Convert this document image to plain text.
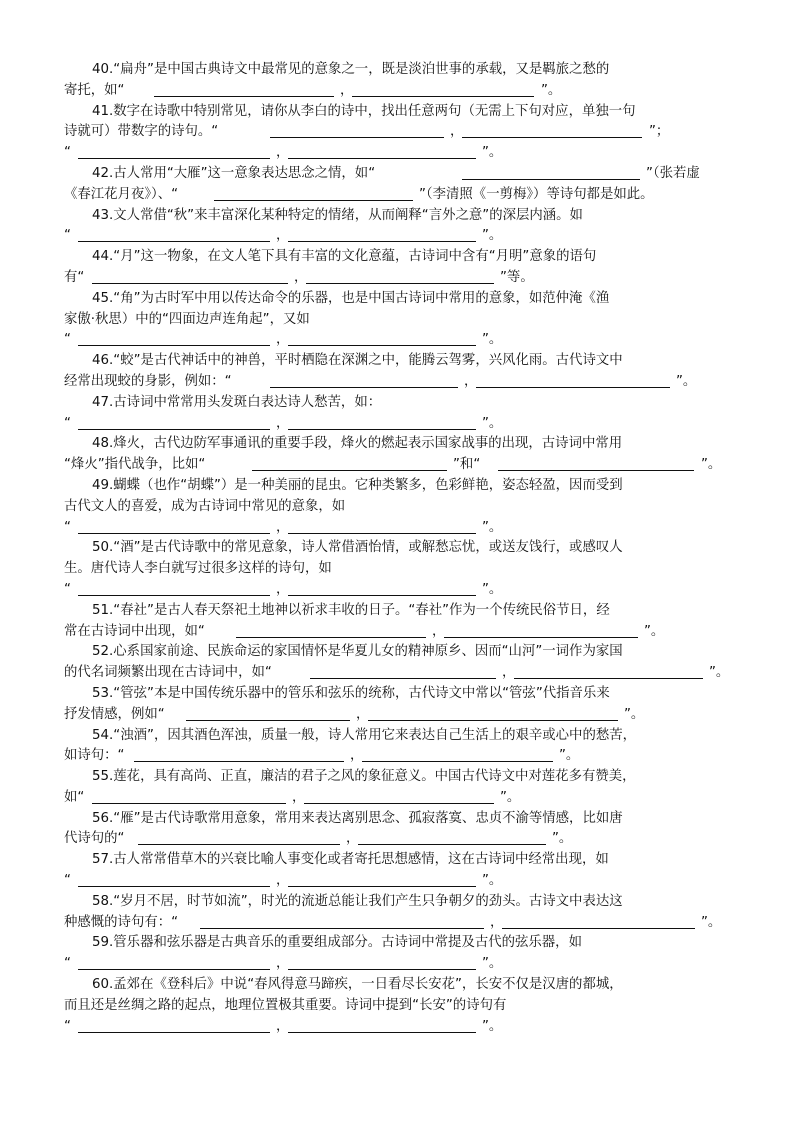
40.“扁舟”是中国古典诗文中最常见的意象之一，既是淡泊世事的承载，又是羁旅之愁的
寄托，如“	，	”。
41.数字在诗歌中特别常见，请你从李白的诗中，找出任意两句（无需上下句对应，单独一句
诗就可）带数字的诗句。“	，	”；
“	，	”。
42.古人常用“大雁”这一意象表达思念之情，如“	”（张若虚
《春江花月夜》）、“	”（李清照《一剪梅》）等诗句都是如此。
43.文人常借“秋”来丰富深化某种特定的情绪，从而阐释“言外之意”的深层内涵。如
“	，	”。
44.“月”这一物象，在文人笔下具有丰富的文化意蕴，古诗词中含有“月明”意象的语句
有“	，	”等。
45.“角”为古时军中用以传达命令的乐器，也是中国古诗词中常用的意象，如范仲淹《渔
家傲·秋思）中的“四面边声连角起”，又如
“	，	”。
46.“蛟”是古代神话中的神兽，平时栖隐在深渊之中，能腾云驾雾，兴风化雨。古代诗文中
经常出现蛟的身影，例如：“	，	”。
47.古诗词中常常用头发斑白表达诗人愁苦，如：
“	，	”。
48.烽火，古代边防军事通讯的重要手段，烽火的燃起表示国家战事的出现，古诗词中常用
“烽火”指代战争，比如“	”和“	”。
49.蝴蝶（也作“胡蝶”）是一种美丽的昆虫。它种类繁多，色彩鲜艳，姿态轻盈，因而受到
古代文人的喜爱，成为古诗词中常见的意象，如
“	，	”。
50.“酒”是古代诗歌中的常见意象，诗人常借酒怡情，或解愁忘忧，或送友饯行，或感叹人
生。唐代诗人李白就写过很多这样的诗句，如
“	，	”。
51.“春社”是古人春天祭祀土地神以祈求丰收的日子。“春社”作为一个传统民俗节日，经
常在古诗词中出现，如“	，	”。
52.心系国家前途、民族命运的家国情怀是华夏儿女的精神原乡、因而“山河”一词作为家国
的代名词频繁出现在古诗词中，如“	，	”。
53.“管弦”本是中国传统乐器中的管乐和弦乐的统称，古代诗文中常以“管弦”代指音乐来
抒发情感，例如“	，	”。
54.“浊酒”，因其酒色浑浊，质量一般，诗人常用它来表达自己生活上的艰辛或心中的愁苦，
如诗句：“	，	”。
55.莲花，具有高尚、正直，廉洁的君子之风的象征意义。中国古代诗文中对莲花多有赞美，
如“	，	”。
56.“雁”是古代诗歌常用意象，常用来表达离别思念、孤寂落寞、忠贞不渝等情感，比如唐
代诗句的“	，	”。
57.古人常常借草木的兴衰比喻人事变化或者寄托思想感情，这在古诗词中经常出现，如
“	，	”。
58.“岁月不居，时节如流”，时光的流逝总能让我们产生只争朝夕的劲头。古诗文中表达这
种感慨的诗句有：“	，	”。
59.管乐器和弦乐器是古典音乐的重要组成部分。古诗词中常提及古代的弦乐器，如
“	，	”。
60.孟郊在《登科后》中说“春风得意马蹄疾，一日看尽长安花”，长安不仅是汉唐的都城，
而且还是丝绸之路的起点，地理位置极其重要。诗词中提到“长安”的诗句有
“	，	”。
